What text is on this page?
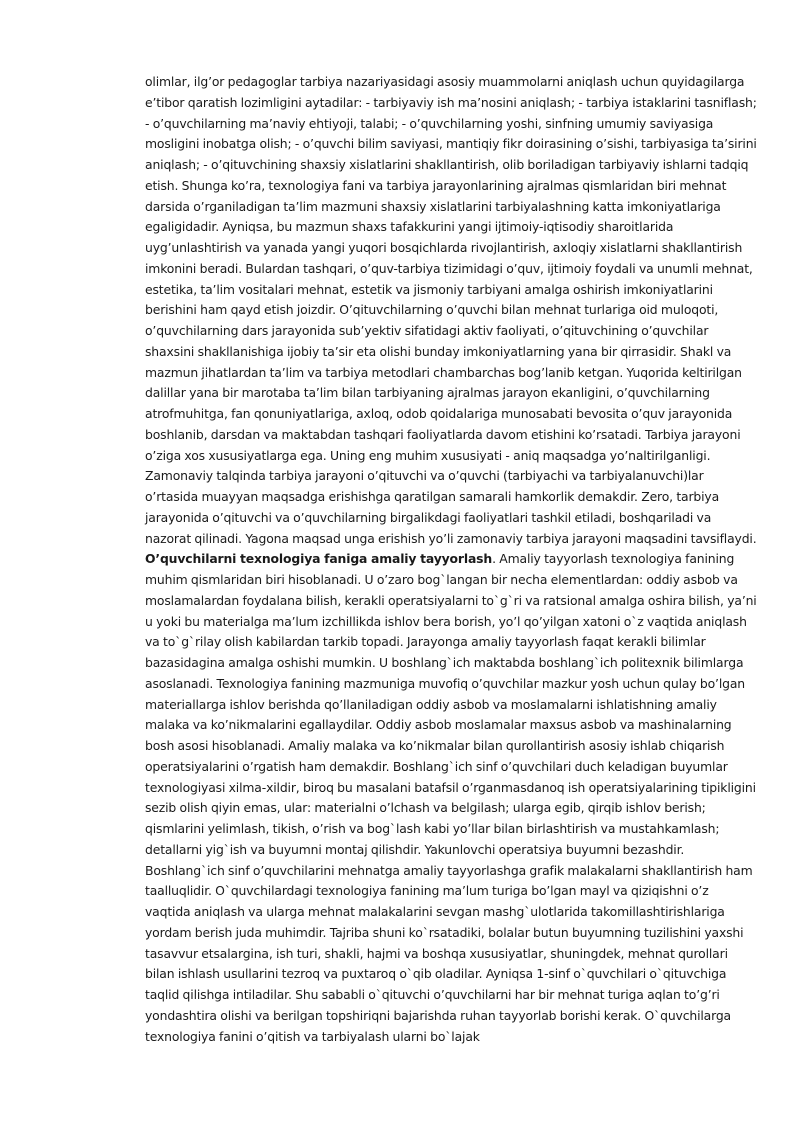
olimlar, ilg’or pedagoglar tarbiya nazariyasidagi asosiy muammolarni aniqlash uchun quyidagilarga e’tibor qaratish lozimligini aytadilar: - tarbiyaviy ish ma’nosini aniqlash; - tarbiya istaklarini tasniflash; - o’quvchilarning ma’naviy ehtiyoji, talabi; - o’quvchilarning yoshi, sinfning umumiy saviyasiga mosligini inobatga olish; - o’quvchi bilim saviyasi, mantiqiy fikr doirasining o’sishi, tarbiyasiga ta’sirini aniqlash; - o’qituvchining shaxsiy xislatlarini shakllantirish, olib boriladigan tarbiyaviy ishlarni tadqiq etish. Shunga ko’ra, texnologiya fani va tarbiya jarayonlarining ajralmas qismlaridan biri mehnat darsida o’rganiladigan ta’lim mazmuni shaxsiy xislatlarini tarbiyalashning katta imkoniyatlariga egaligidadir. Ayniqsa, bu mazmun shaxs tafakkurini yangi ijtimoiy-iqtisodiy sharoitlarida uyg’unlashtirish va yanada yangi yuqori bosqichlarda rivojlantirish, axloqiy xislatlarni shakllantirish imkonini beradi. Bulardan tashqari, o’quv-tarbiya tizimidagi o’quv, ijtimoiy foydali va unumli mehnat, estetika, ta’lim vositalari mehnat, estetik va jismoniy tarbiyani amalga oshirish imkoniyatlarini berishini ham qayd etish joizdir. O’qituvchilarning o’quvchi bilan mehnat turlariga oid muloqoti, o’quvchilarning dars jarayonida sub’yektiv sifatidagi aktiv faoliyati, o’qituvchining o’quvchilar shaxsini shakllanishiga ijobiy ta’sir eta olishi bunday imkoniyatlarning yana bir qirrasidir. Shakl va mazmun jihatlardan ta’lim va tarbiya metodlari chambarchas bog’lanib ketgan. Yuqorida keltirilgan dalillar yana bir marotaba ta’lim bilan tarbiyaning ajralmas jarayon ekanligini, o’quvchilarning atrofmuhitga, fan qonuniyatlariga, axloq, odob qoidalariga munosabati bevosita o’quv jarayonida boshlanib, darsdan va maktabdan tashqari faoliyatlarda davom etishini ko’rsatadi. Tarbiya jarayoni o’ziga xos xususiyatlarga ega. Uning eng muhim xususiyati - aniq maqsadga yo’naltirilganligi. Zamonaviy talqinda tarbiya jarayoni o’qituvchi va o’quvchi (tarbiyachi va tarbiyalanuvchi)lar o’rtasida muayyan maqsadga erishishga qaratilgan samarali hamkorlik demakdir. Zero, tarbiya jarayonida o’qituvchi va o’quvchilarning birgalikdagi faoliyatlari tashkil etiladi, boshqariladi va nazorat qilinadi. Yagona maqsad unga erishish yo’li zamonaviy tarbiya jarayoni maqsadini tavsiflaydi. O’quvchilarni texnologiya faniga amaliy tayyorlash. Amaliy tayyorlash texnologiya fanining muhim qismlaridan biri hisoblanadi. U o’zaro bog`langan bir necha elementlardan: oddiy asbob va moslamalardan foydalana bilish, kerakli operatsiyalarni to`g`ri va ratsional amalga oshira bilish, ya’ni u yoki bu materialga ma’lum izchillikda ishlov bera borish, yo’l qo’yilgan xatoni o`z vaqtida aniqlash va to`g`rilay olish kabilardan tarkib topadi. Jarayonga amaliy tayyorlash faqat kerakli bilimlar bazasidagina amalga oshishi mumkin. U boshlang`ich maktabda boshlang`ich politexnik bilimlarga asoslanadi. Texnologiya fanining mazmuniga muvofiq o’quvchilar mazkur yosh uchun qulay bo’lgan materiallarga ishlov berishda qo’llaniladigan oddiy asbob va moslamalarni ishlatishning amaliy malaka va ko’nikmalarini egallaydilar. Oddiy asbob moslamalar maxsus asbob va mashinalarning bosh asosi hisoblanadi. Amaliy malaka va ko’nikmalar bilan qurollantirish asosiy ishlab chiqarish operatsiyalarini o’rgatish ham demakdir. Boshlang`ich sinf o’quvchilari duch keladigan buyumlar texnologiyasi xilma-xildir, biroq bu masalani batafsil o’rganmasdanoq ish operatsiyalarining tipikligini sezib olish qiyin emas, ular: materialni o’lchash va belgilash; ularga egib, qirqib ishlov berish; qismlarini yelimlash, tikish, o’rish va bog`lash kabi yo’llar bilan birlashtirish va mustahkamlash; detallarni yig`ish va buyumni montaj qilishdir. Yakunlovchi operatsiya buyumni bezashdir. Boshlang`ich sinf o’quvchilarini mehnatga amaliy tayyorlashga grafik malakalarni shakllantirish ham taalluqlidir. O`quvchilardagi texnologiya fanining ma’lum turiga bo’lgan mayl va qiziqishni o’z vaqtida aniqlash va ularga mehnat malakalarini sevgan mashg`ulotlarida takomillashtirishlariga yordam berish juda muhimdir. Tajriba shuni ko`rsatadiki, bolalar butun buyumning tuzilishini yaxshi tasavvur etsalargina, ish turi, shakli, hajmi va boshqa xususiyatlar, shuningdek, mehnat qurollari bilan ishlash usullarini tezroq va puxtaroq o`qib oladilar. Ayniqsa 1-sinf o`quvchilari o`qituvchiga taqlid qilishga intiladilar. Shu sababli o`qituvchi o’quvchilarni har bir mehnat turiga aqlan to’g’ri yondashtira olishi va berilgan topshiriqni bajarishda ruhan tayyorlab borishi kerak. O`quvchilarga texnologiya fanini o’qitish va tarbiyalash ularni bo`lajak
